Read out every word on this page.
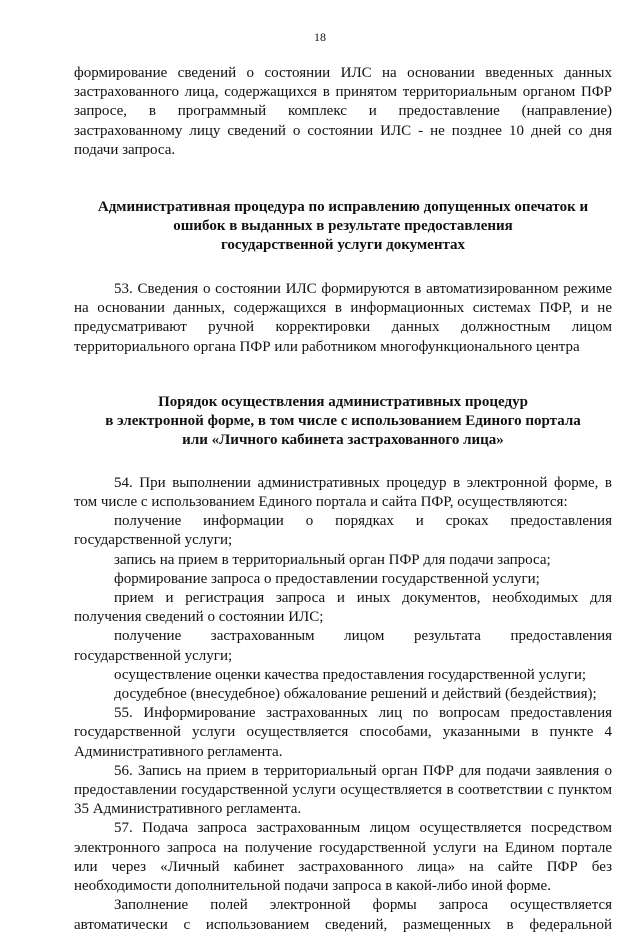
18

формирование сведений о состоянии ИЛС на основании введенных данных застрахованного лица, содержащихся в принятом территориальным органом ПФР запросе, в программный комплекс и предоставление (направление) застрахованному лицу сведений о состоянии ИЛС - не позднее 10 дней со дня подачи запроса.

Административная процедура по исправлению допущенных опечаток и
ошибок в выданных в результате предоставления
государственной услуги документах

53. Сведения о состоянии ИЛС формируются в автоматизированном режиме на основании данных, содержащихся в информационных системах ПФР, и не предусматривают ручной корректировки данных должностным лицом территориального органа ПФР или работником многофункционального центра

Порядок осуществления административных процедур
в электронной форме, в том числе с использованием Единого портала
или «Личного кабинета застрахованного лица»

54. При выполнении административных процедур в электронной форме, в том числе с использованием Единого портала и сайта ПФР, осуществляются:

получение информации о порядках и сроках предоставления государственной услуги;

запись на прием в территориальный орган ПФР для подачи запроса;

формирование запроса о предоставлении государственной услуги;

прием и регистрация запроса и иных документов, необходимых для получения сведений о состоянии ИЛС;

получение застрахованным лицом результата предоставления государственной услуги;

осуществление оценки качества предоставления государственной услуги;

досудебное (внесудебное) обжалование решений и действий (бездействия);

55. Информирование застрахованных лиц по вопросам предоставления государственной услуги осуществляется способами, указанными в пункте 4 Административного регламента.

56. Запись на прием в территориальный орган ПФР для подачи заявления о предоставлении государственной услуги осуществляется в соответствии с пунктом 35 Административного регламента.

57. Подача запроса застрахованным лицом осуществляется посредством электронного запроса на получение государственной услуги на Едином портале или через «Личный кабинет застрахованного лица» на сайте ПФР без необходимости дополнительной подачи запроса в какой-либо иной форме.

Заполнение полей электронной формы запроса осуществляется автоматически с использованием сведений, размещенных в федеральной
